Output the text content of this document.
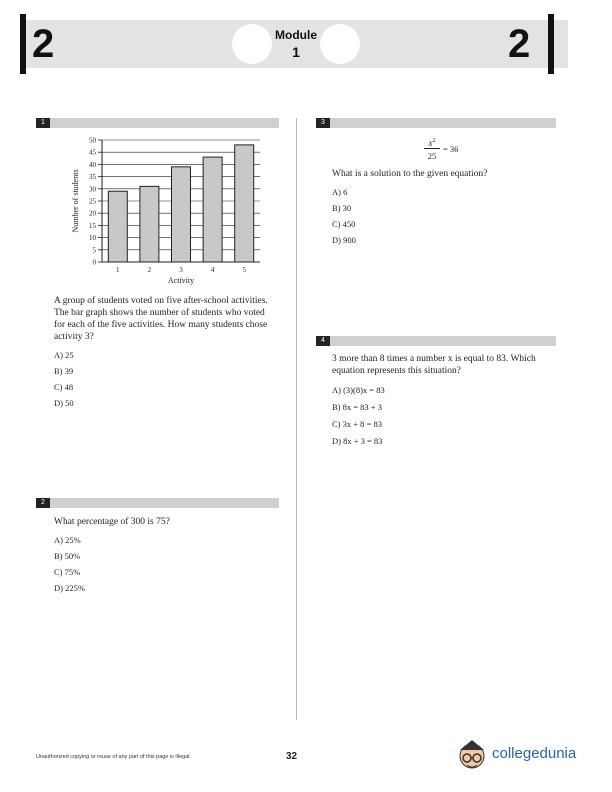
2	2
Module
1
1
0
5
10
15
20
25
30
35
40
45
50
1	2	3	4	5
Activity
Number of students
A group of students voted on five after-school activities. The bar graph shows the number of students who voted for each of the five activities. How many students chose activity 3?
A) 25
B) 39
C) 48
D) 50
2
What percentage of 300 is 75?
A) 25%
B) 50%
C) 75%
D) 225%
3
$x^2$
25
= 36
What is a solution to the given equation?
A) 6
B) 30
C) 450
D) 900
4
3 more than 8 times a number x is equal to 83. Which equation represents this situation?
A) (3)(8)x = 83
B) 8x = 83 + 3
C) 3x + 8 = 83
D) 8x + 3 = 83
Unauthorized copying or reuse of any part of this page is illegal.	32	collegedunia
